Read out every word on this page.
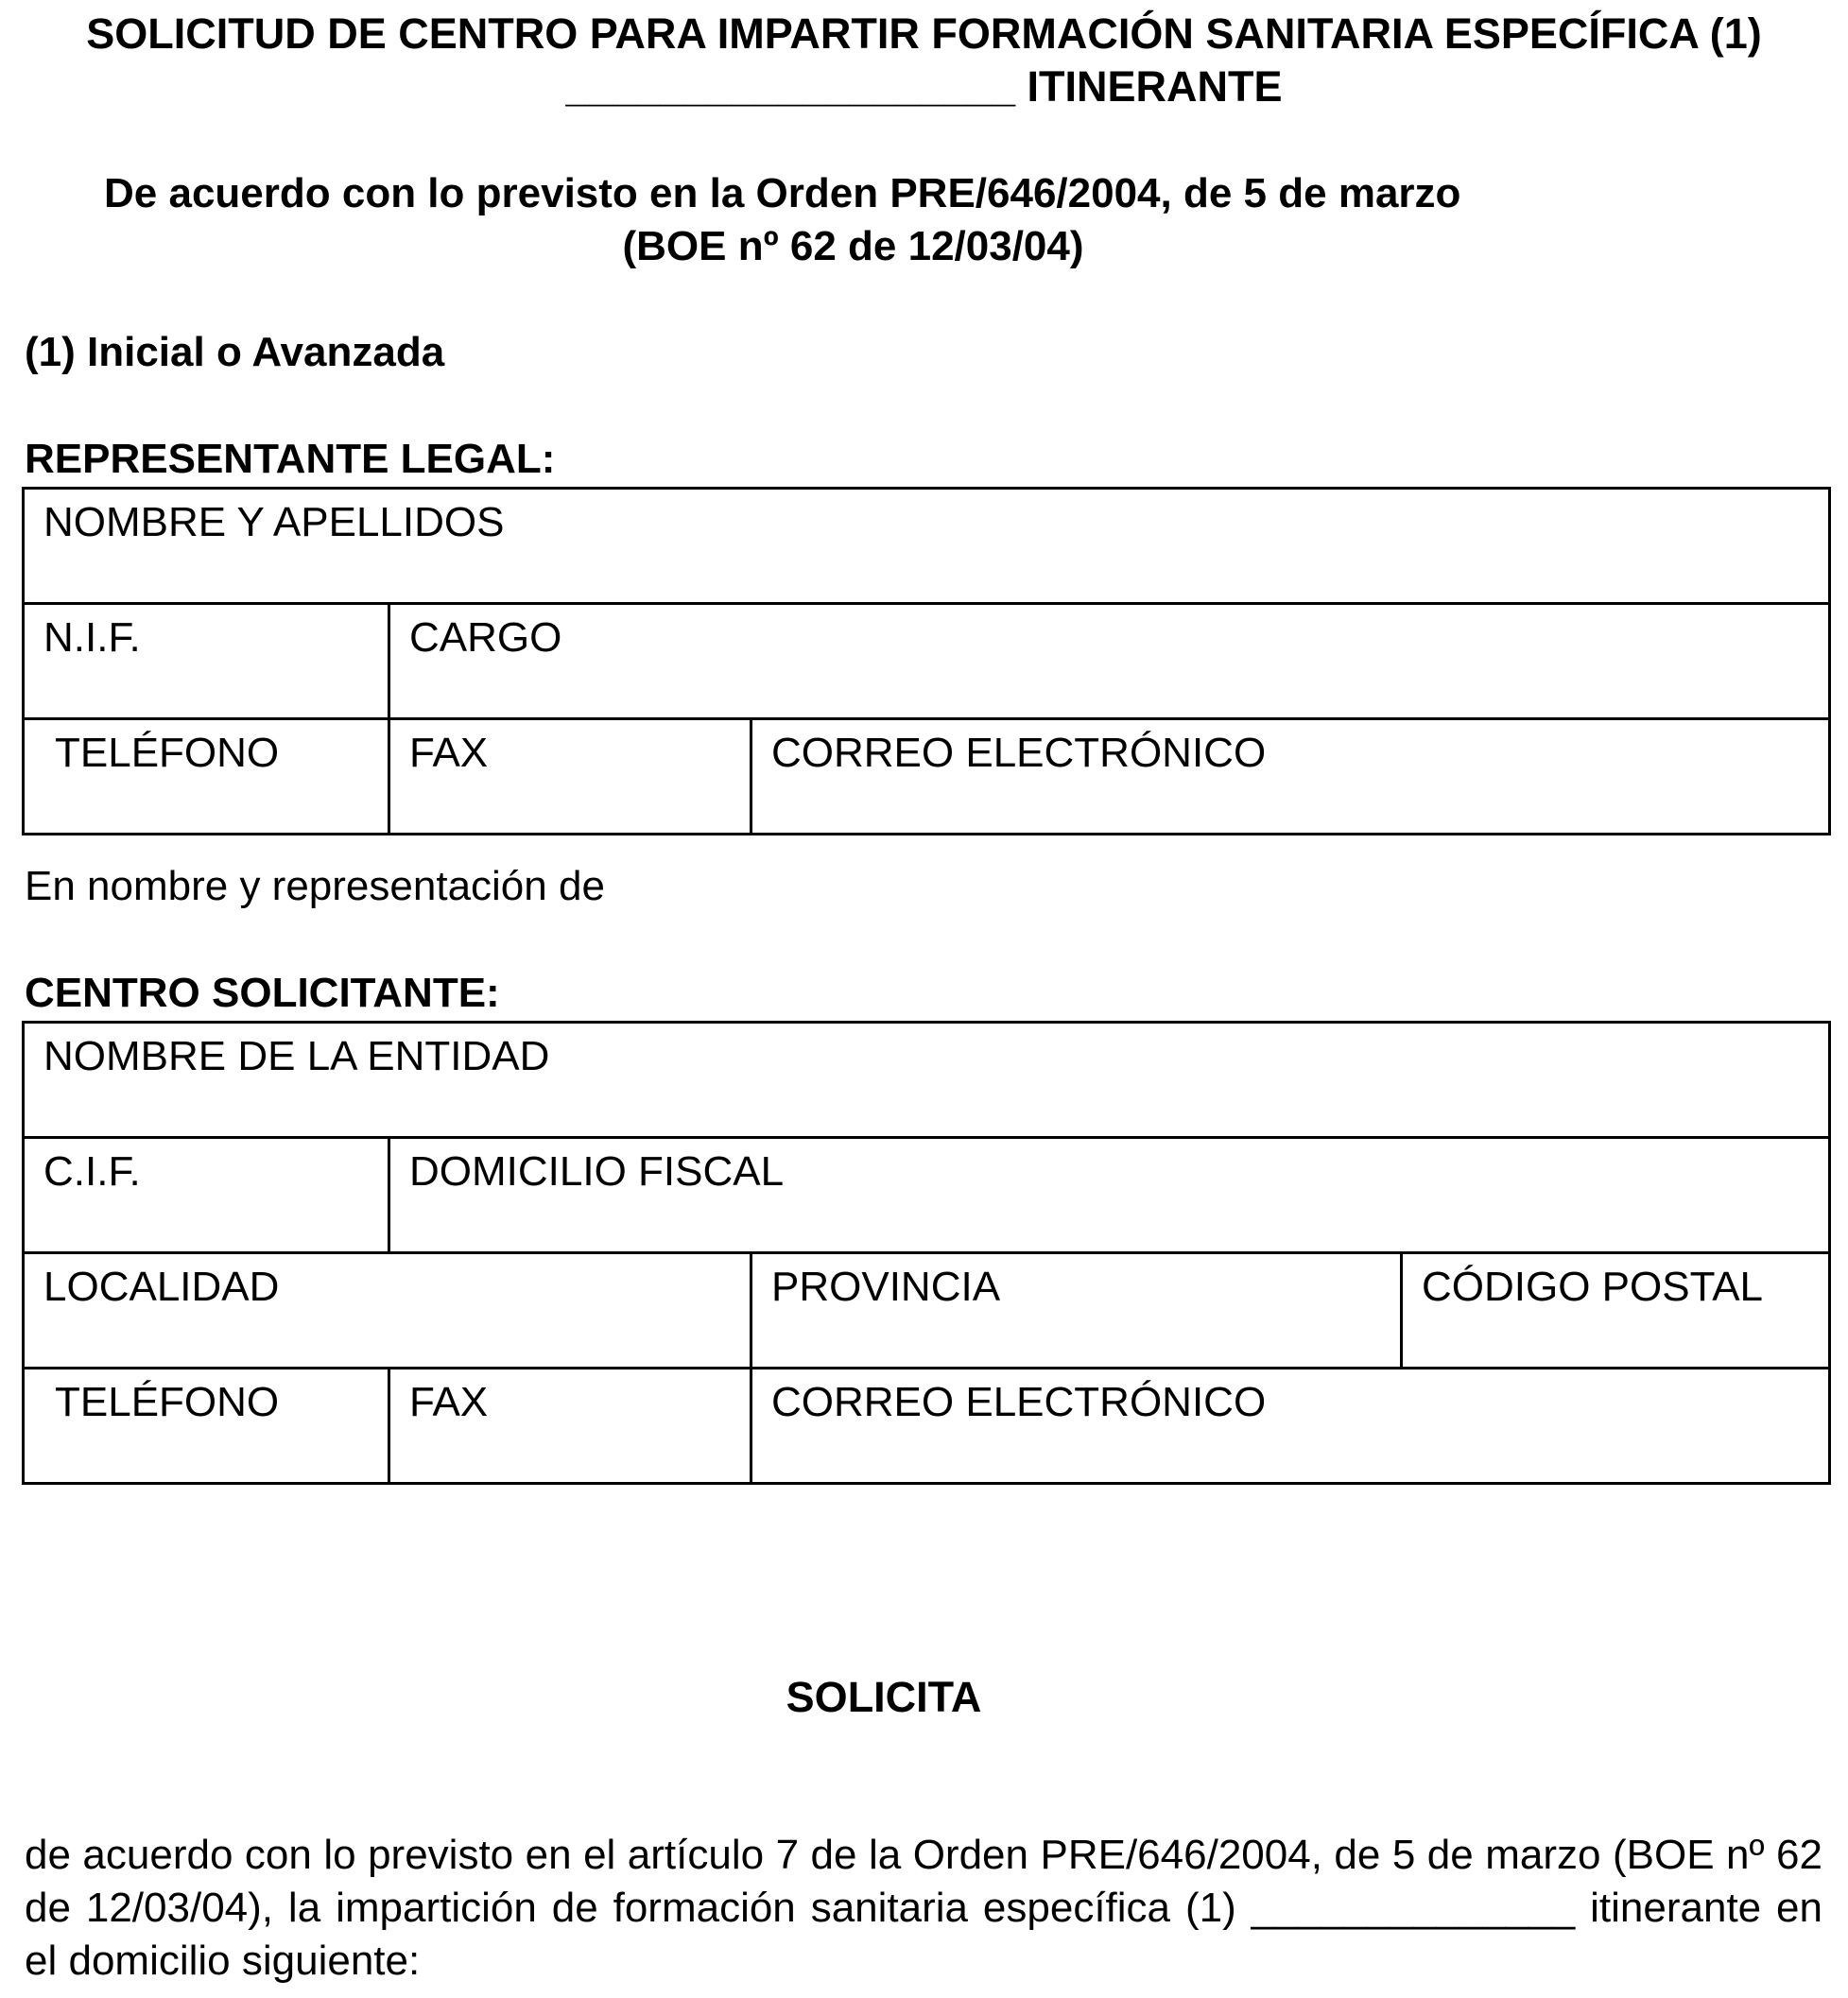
SOLICITUD DE CENTRO PARA IMPARTIR FORMACIÓN SANITARIA ESPECÍFICA (1)
___________________ ITINERANTE
De acuerdo con lo previsto en la Orden PRE/646/2004, de 5 de marzo
(BOE nº 62 de 12/03/04)
(1) Inicial o Avanzada
REPRESENTANTE LEGAL:
NOMBRE Y APELLIDOS		
N.I.F.	CARGO	
TELÉFONO	FAX	CORREO ELECTRÓNICO
En nombre y representación de
CENTRO SOLICITANTE:
NOMBRE DE LA ENTIDAD			
C.I.F.	DOMICILIO FISCAL		
LOCALIDAD		PROVINCIA	CÓDIGO POSTAL
TELÉFONO	FAX	CORREO ELECTRÓNICO	
SOLICITA
de acuerdo con lo previsto en el artículo 7 de la Orden PRE/646/2004, de 5 de marzo (BOE nº 62 de 12/03/04), la impartición de formación sanitaria específica (1) ______________ itinerante en el domicilio siguiente:
